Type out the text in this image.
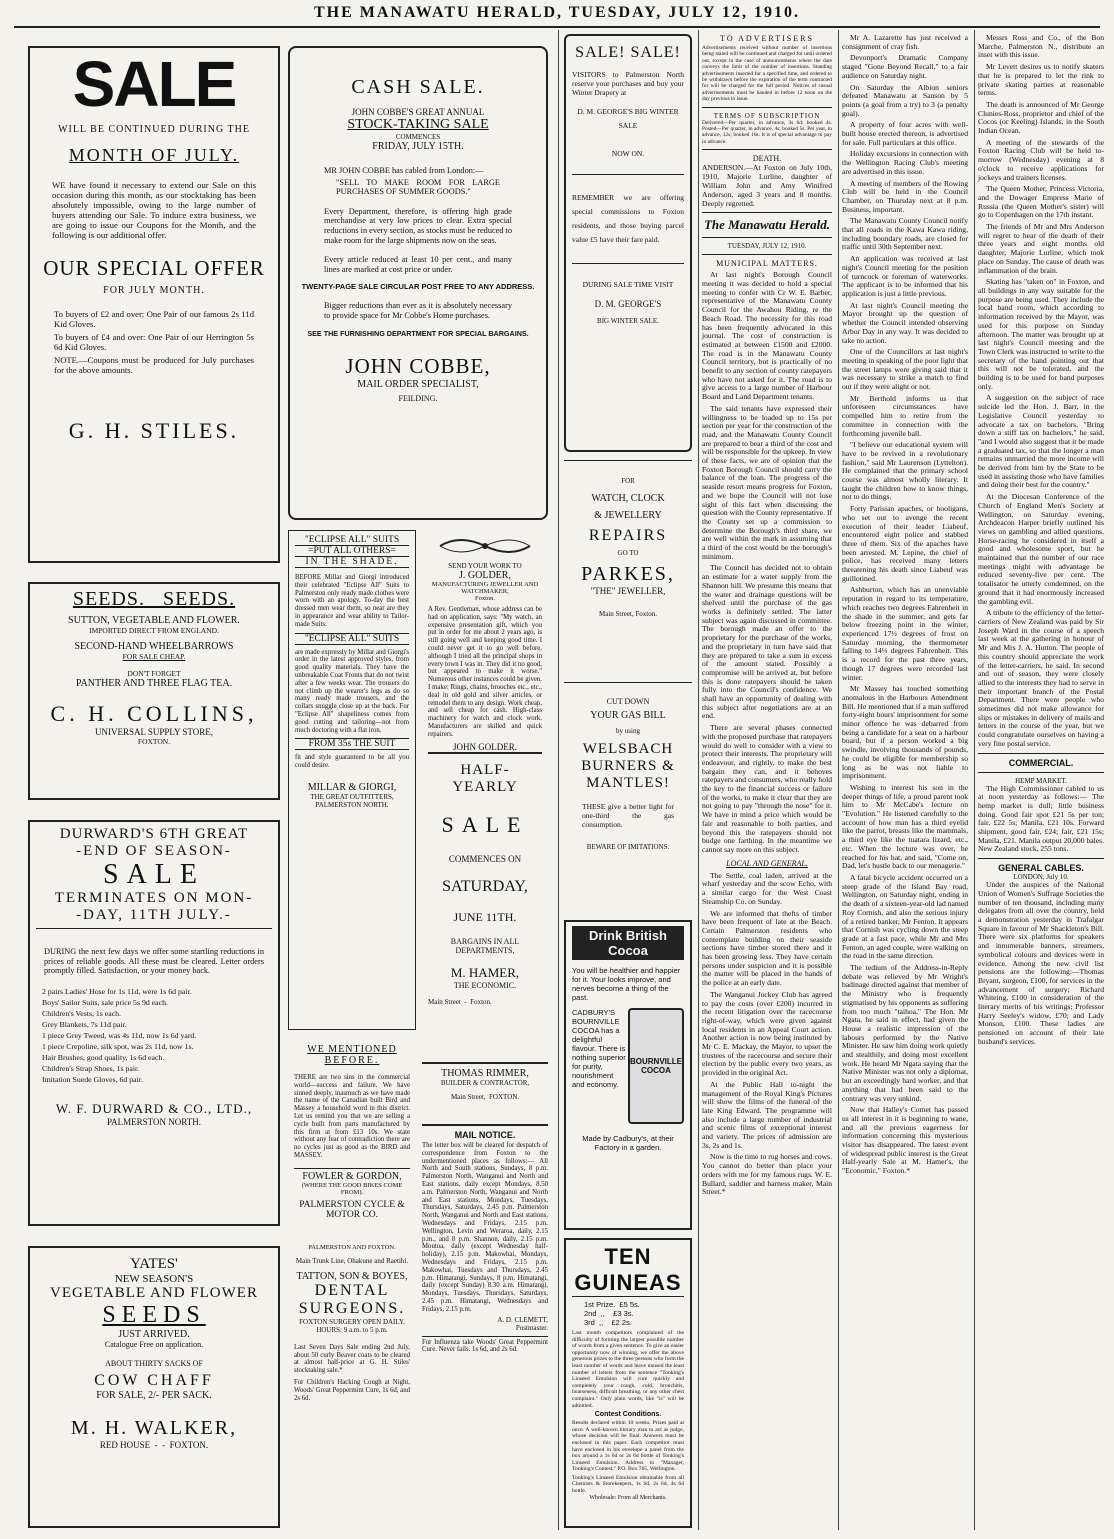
THE MANAWATU HERALD, TUESDAY, JULY 12, 1910.
SALE
WILL BE CONTINUED DURING THE
MONTH OF JULY.
WE have found it necessary to extend our Sale on this occasion during this month, as our stocktaking has been absolutely impossible, owing to the large number of buyers attending our Sale. To induce extra business, we are going to issue our Coupons for the Month, and the following is our additional offer.
OUR SPECIAL OFFER
FOR JULY MONTH.
To buyers of £2 and over: One Pair of our famous 2s 11d Kid Gloves.
To buyers of £4 and over: One Pair of our Herrington 5s 6d Kid Gloves.
NOTE.—Coupons must be produced for July purchases for the above amounts.
G. H. STILES.
SEEDS.   SEEDS.
SUTTON, VEGETABLE AND FLOWER.
IMPORTED DIRECT FROM ENGLAND.
SECOND-HAND WHEELBARROWS
FOR SALE CHEAP.
DON'T FORGET
PANTHER AND THREE FLAG TEA.
C. H. COLLINS,
UNIVERSAL SUPPLY STORE,
FOXTON.
DURWARD'S 6TH GREAT
-END OF SEASON-
SALE
TERMINATES ON MON-
-DAY, 11TH JULY.-
DURING the next few days we offer some startling reductions in prices of reliable goods. All these must be cleared. Letter orders promptly filled. Satisfaction, or your money back.
2 pairs Ladies' Hose for 1s 11d, were 1s 6d pair.
Boys' Sailor Suits, sale price 5s 9d each.
Children's Vests, 1s each.
Grey Blankets, 7s 11d pair.
1 piece Grey Tweed, was 4s 11d, now 1s 6d yard.
1 piece Crepoline, silk spot, was 2s 11d, now 1s.
Hair Brushes, good quality, 1s 6d each.
Children's Strap Shoes, 1s pair.
Imitation Suede Gloves, 6d pair.
W. F. DURWARD & CO., LTD.,
PALMERSTON NORTH.
YATES'
NEW SEASON'S
VEGETABLE AND FLOWER
SEEDS
JUST ARRIVED.
Catalogue Free on application.
ABOUT THIRTY SACKS OF
COW CHAFF
FOR SALE, 2/- PER SACK.
M. H. WALKER,
RED HOUSE  -  -  FOXTON.
CASH SALE.
JOHN COBBE'S GREAT ANNUAL
STOCK-TAKING SALE
COMMENCES
FRIDAY, JULY 15TH.
MR JOHN COBBE has cabled from London:—
"SELL TO MAKE ROOM FOR LARGE PURCHASES OF SUMMER GOODS."
Every Department, therefore, is offering high grade merchandise at very low prices to clear. Extra special reductions in every section, as stocks must be reduced to make room for the large shipments now on the seas.
Every article reduced at least 10 per cent., and many lines are marked at cost price or under.
TWENTY-PAGE SALE CIRCULAR POST FREE TO ANY ADDRESS.
Bigger reductions than ever as it is absolutely necessary to provide space for Mr Cobbe's Home purchases.
SEE THE FURNISHING DEPARTMENT FOR SPECIAL BARGAINS.
JOHN COBBE,
MAIL ORDER SPECIALIST,
FEILDING.
"ECLIPSE ALL" SUITS
=PUT ALL OTHERS=
IN THE SHADE.
BEFORE Millar and Giorgi introduced their celebrated "Eclipse All" Suits to Palmerston only ready made clothes were worn with an apology. To-day the best dressed men wear them, so near are they in appearance and wear ability to Tailor-made Suits.
"ECLIPSE ALL" SUITS
are made expressly by Millar and Giorgi's order in the latest approved styles, from good quality materials. They have the unbreakable Coat Fronts that do not twist after a few weeks wear. The trousers do not climb up the wearer's legs as do so many ready made trousers, and the collars snuggle close up at the back. For "Eclipse All" shapeliness comes from good cutting and tailoring—not from much doctoring with a flat iron.
FROM 35s THE SUIT
fit and style guaranteed to be all you could desire.
MILLAR & GIORGI,
THE GREAT OUTFITTERS,
PALMERSTON NORTH.
WE MENTIONED
BEFORE.
THERE are two sins in the commercial world—success and failure. We have sinned deeply, inasmuch as we have made the name of the Canadian built Bird and Massey a household word in this district. Let us remind you that we are selling a cycle built from parts manufactured by this firm at from £13 10s. We state without any fear of contradiction there are no cycles just as good as the BIRD and MASSEY.
FOWLER & GORDON,
(WHERE THE GOOD BIKES COME FROM).
PALMERSTON CYCLE & MOTOR CO.
PALMERSTON AND FOXTON.
Main Trunk Line, Ohakune and Raetihi.
TATTON, SON & BOYES,
DENTAL
SURGEONS.
FOXTON SURGERY OPEN DAILY.
HOURS: 9 a.m. to 5 p.m.
Last Seven Days Sale ending 2nd July, about 50 curly Beaver coats to be cleared at almost half-price at G. H. Stiles' stocktaking sale.*
For Children's Hacking Cough at Night, Woods' Great Peppermint Cure, 1s 6d, and 2s 6d.
SEND YOUR WORK TO
J. GOLDER,
MANUFACTURING JEWELLER AND WATCHMAKER,
Foxton.
A Rev. Gentleman, whose address can be had on application, says: "My watch, an expensive presentation gift, which you put in order for me about 2 years ago, is still going well and keeping good time. I could never get it to go well before, although I tried all the principal shops in every town I was in. They did it no good, but appeared to make it worse." Numerous other instances could be given. I make: Rings, chains, brooches etc., etc., deal in old gold and silver articles, or remodel them to any design. Work cheap, and sell cheap for cash. High-class machinery for watch and clock work. Manufacturers are skilled and quick repairers.
JOHN GOLDER.
HALF-YEARLY
SALE
COMMENCES ON
SATURDAY,
JUNE 11TH.
BARGAINS IN ALL DEPARTMENTS,
M. HAMER,
THE ECONOMIC.
Main Street  -  Foxton.
THOMAS RIMMER,
BUILDER & CONTRACTOR,
Main Street,  FOXTON.
MAIL NOTICE.
The letter box will be cleared for despatch of correspondence from Foxton to the undermentioned places as follows:— All North and South stations, Sundays, 8 p.m. Palmerston North, Wanganui and North and East stations, daily except Mondays, 8.50 a.m. Palmerston North, Wanganui and North and East stations, Mondays, Tuesdays, Thursdays, Saturdays, 2.45 p.m. Palmerston North, Wanganui and North and East stations, Wednesdays and Fridays, 2.15 p.m. Wellington, Levin and Weraroa, daily, 2.15 p.m., and 8 p.m. Shannon, daily, 2.15 p.m. Moutoa, daily (except Wednesday half-holiday), 2.15 p.m. Makowhai, Mondays, Wednesdays and Fridays, 2.15 p.m. Makowhai, Tuesdays and Thursdays, 2.45 p.m. Himatangi, Sundays, 8 p.m. Himatangi, daily (except Sunday) 8.30 a.m. Himatangi, Mondays, Tuesdays, Thursdays, Saturdays, 2.45 p.m. Himatangi, Wednesdays and Fridays, 2.15 p.m.
A. D. CLEMETT,
Postmaster.
For Influenza take Woods' Great Peppermint Cure. Never fails. 1s 6d, and 2s 6d.
SALE! SALE!
VISITORS to Palmerston North reserve your purchases and buy your Winter Drapery at
D. M. GEORGE'S BIG WINTER SALE
NOW ON.
REMEMBER we are offering special commissions to Foxton residents, and those buying parcel value £5 have their fare paid.
DURING SALE TIME VISIT
D. M. GEORGE'S
BIG WINTER SALE.
FOR
WATCH, CLOCK
& JEWELLERY
REPAIRS
GO TO
PARKES,
"THE" JEWELLER,
Main Street, Foxton.
CUT DOWN
YOUR GAS BILL
by using
WELSBACH
BURNERS &
MANTLES!
THESE give a better light for one-third the gas consumption.
BEWARE OF IMITATIONS.
Drink British Cocoa
You will be healthier and happier for it. Your looks improve, and nerves become a thing of the past.
CADBURY'S BOURNVILLE COCOA has a delightful flavour. There is nothing superior for purity, nourishment and economy.
BOURNVILLE COCOA
Made by Cadbury's, at their Factory in a garden.
TEN GUINEAS
1st Prize.  £5 5s.
2nd  ,,    £3 3s.
3rd  ,,    £2 2s.
Last month competitors complained of the difficulty of forming the largest possible number of words from a given sentence. To give an easier opportunity now of winning, we offer the above generous prizes to the three persons who form the least number of words and leave unused the least number of letters from the sentence "Tonking's Linseed Emulsion will cure quickly and completely your cough, cold, bronchitis, hoarseness, difficult breathing, or any other chest complaint." Only plain words, like "is" will be admitted.
Contest Conditions.
Results declared within 10 weeks. Prizes paid at once. A well-known literary man to act as judge, whose decision will be final. Answers must be enclosed in this paper. Each competitor must have enclosed in his envelope a panel from the box around a 1s 6d or 2s 6d bottle of Tonking's Linseed Emulsion. Address to "Manager, Tonking's Contest," P.O. Box 765, Wellington.
Tonking's Linseed Emulsion obtainable from all Chemists & Storekeepers, 1s 6d, 2s 6d, 4s 6d bottle.
Wholesale: From all Merchants.
TO ADVERTISERS
Advertisements received without number of insertions being stated will be continued and charged for until ordered out, except in the case of announcements where the date conveys the limit of the number of insertions. Standing advertisements inserted for a specified time, and ordered to be withdrawn before the expiration of the term contracted for will be charged for the full period. Notices of casual advertisements must be handed in before 12 noon on the day previous to issue.
TERMS OF SUBSCRIPTION
Delivered—Per quarter, in advance, 3s 6d; booked 4s. Posted—Per quarter, in advance, 4s; booked 5s. Per year, in advance, 12s; booked 16s. It is of special advantage to pay in advance.
DEATH.
ANDERSON.—At Foxton on July 10th, 1910, Majorie Lurline, daughter of William John and Amy Winifred Anderson, aged 3 years and 8 months. Deeply regretted.
The Manawatu Herald.
TUESDAY, JULY 12, 1910.
MUNICIPAL MATTERS.
At last night's Borough Council meeting it was decided to hold a special meeting to confer with Cr W. E. Barber, representative of the Manawatu County Council for the Awahou Riding, re the Beach Road. The necessity for this road has been frequently advocated in this journal. The cost of construction is estimated at between £1500 and £2000. The road is in the Manawatu County Council territory, but is practically of no benefit to any section of county ratepayers who have not asked for it. The road is to give access to a large number of Harbour Board and Land Department tenants.
The said tenants have expressed their willingness to be loaded up to 15s per section per year for the construction of the road, and the Manawatu County Council are prepared to bear a third of the cost and will be responsible for the upkeep. In view of these facts, we are of opinion that the Foxton Borough Council should carry the balance of the loan. The progress of the seaside resort means progress for Foxton, and we hope the Council will not lose sight of this fact when discussing the question with the County representative. If the County set up a commission to determine the Borough's third share, we are well within the mark in assuming that a third of the cost would be the borough's minimum.
The Council has decided not to obtain an estimate for a water supply from the Shannon hill. We presume this means that the water and drainage questions will be shelved until the purchase of the gas works is definitely settled. The latter subject was again discussed in committee. The borough made an offer to the proprietary for the purchase of the works, and the proprietary in turn have said that they are prepared to take a sum in excess of the amount stated. Possibly a compromise will be arrived at, but before this is done ratepayers should be taken fully into the Council's confidence. We shall have an opportunity of dealing with this subject after negotiations are at an end.
There are several phases connected with the proposed purchase that ratepayers would do well to consider with a view to protect their interests. The proprietary will endeavour, and rightly, to make the best bargain they can, and it behoves ratepayers and consumers, who really hold the key to the financial success or failure of the works, to make it clear that they are not going to pay "through the nose" for it. We have in mind a price which would be fair and reasonable to both parties, and beyond this the ratepayers should not budge one farthing. In the meantime we cannot say more on this subject.
LOCAL AND GENERAL.
The Settle, coal laden, arrived at the wharf yesterday and the scow Echo, with a similar cargo for the West Coast Steamship Co. on Sunday.
We are informed that thefts of timber have been frequent of late at the Beach. Certain Palmerston residents who contemplate building on their seaside sections have timber stored there and it has been growing less. They have certain persons under suspicion and it is possible the matter will be placed in the hands of the police at an early date.
The Wanganui Jockey Club has agreed to pay the costs (over £200) incurred in the recent litigation over the racecourse right-of-way, which were given against local residents in an Appeal Court action. Another action is now being instituted by Mr C. E. Mackay, the Mayor, to upset the trustees of the racecourse and secure their election by the public every two years, as provided in the original Act.
At the Public Hall to-night the management of the Royal King's Pictures will show the films of the funeral of the late King Edward. The programme will also include a large number of industrial and scenic films of exceptional interest and variety. The prices of admission are 3s, 2s and 1s.
Now is the time to rug horses and cows. You cannot do better than place your orders with me for my famous rugs. W. E. Bullard, saddler and harness maker, Main Street.*
Mr A. Lazarette has just received a consignment of cray fish.
Devonport's Dramatic Company staged "Gone Beyond Recall," to a fair audience on Saturday night.
On Saturday the Albion seniors defeated Manawatu at Sanson by 5 points (a goal from a try) to 3 (a penalty goal).
A property of four acres with well-built house erected thereon, is advertised for sale. Full particulars at this office.
Holiday excursions in connection with the Wellington Racing Club's meeting are advertised in this issue.
A meeting of members of the Rowing Club will be held in the Council Chamber, on Thursday next at 8 p.m. Business, important.
The Manawatu County Council notify that all roads in the Kawa Kawa riding, including boundary roads, are closed for traffic until 30th September next.
An application was received at last night's Council meeting for the position of turncock or foreman of waterworks. The applicant is to be informed that his application is just a little previous.
At last night's Council meeting the Mayor brought up the question of whether the Council intended observing Arbor Day in any way. It was decided to take no action.
One of the Councillors at last night's meeting in speaking of the poor light that the street lamps were giving said that it was necessary to strike a match to find out if they were alight or not.
Mr Berthold informs us that unforeseen circumstances have compelled him to retire from the committee in connection with the forthcoming juvenile ball.
"I believe our educational system will have to be revived in a revolutionary fashion," said Mr Laurenson (Lyttelton). He complained that the primary school course was almost wholly literary. It taught the children how to know things, not to do things.
Forty Parisian apaches, or hooligans, who set out to avenge the recent execution of their leader Liabeuf, encountered eight police and stabbed three of them. Six of the apaches have been arrested. M. Lepine, the chief of police, has received many letters threatening his death since Liabeuf was guillotined.
Ashburton, which has an unenviable reputation in regard to its temperature, which reaches two degrees Fahrenheit in the shade in the summer, and gets far below freezing point in the winter, experienced 17½ degrees of frost on Saturday morning, the thermometer falling to 14⅓ degrees Fahrenheit. This is a record for the past three years, though 17 degrees were recorded last winter.
Mr Massey has touched something anomalous in the Harbours Amendment Bill. He mentioned that if a man suffered forty-eight hours' imprisonment for some minor offence he was debarred from being a candidate for a seat on a harbour board, but if a person worked a big swindle, involving thousands of pounds, he could be eligible for membership so long as he was not liable to imprisonment.
Wishing to interest his son in the deeper things of life, a proud parent took him to Mr McCabe's lecture on "Evolution." He listened carefully to the account of how man has a third eyelid like the parrot, breasts like the mammals, a third eye like the tuatara lizard, etc., etc. When the lecture was over, he reached for his hat, and said, "Come on, Dad, let's hustle back to our menagerie."
A fatal bicycle accident occurred on a steep grade of the Island Bay road, Wellington, on Saturday night, ending in the death of a sixteen-year-old lad named Roy Cornish, and also the serious injury of a retired banker, Mr Fenton. It appears that Cornish was cycling down the steep grade at a fast pace, while Mr and Mrs Fenton, an aged couple, were walking on the road in the same direction.
The tedium of the Address-in-Reply debate was relieved by Mr Wright's badinage directed against that member of the Ministry who is frequently stigmatised by his opponents as suffering from too much "taihoa." The Hon. Mr Ngata, he said in effect, had given the House a realistic impression of the labours performed by the Native Minister. He saw him doing work quietly and stealthily, and doing most excellent work. He heard Mr Ngata saying that the Native Minister was not only a diplomat, but an exceedingly hard worker, and that anything that had been said to the contrary was very unkind.
Now that Halley's Comet has passed us all interest in it is beginning to wane, and all the previous eagerness for information concerning this mysterious visitor has disappeared. The latest event of widespread public interest is the Great Half-yearly Sale at M. Hamer's, the "Economic," Foxton.*
Messrs Ross and Co., of the Bon Marche, Palmerston N., distribute an inset with this issue.
Mr Levett desires us to notify skaters that he is prepared to let the rink to private skating parties at reasonable terms.
The death is announced of Mr George Clunies-Ross, proprietor and chief of the Cocos (or Keeling) Islands, in the South Indian Ocean.
A meeting of the stewards of the Foxton Racing Club will be held to-morrow (Wednesday) evening at 8 o'clock to receive applications for jockeys and trainers licenses.
The Queen Mother, Princess Victoria, and the Dowager Empress Marie of Russia (the Queen Mother's sister) will go to Copenhagen on the 17th instant.
The friends of Mr and Mrs Anderson will regret to hear of the death of their three years and eight months old daughter, Majorie Lurline, which took place on Sunday. The cause of death was inflammation of the brain.
Skating has "taken on" in Foxton, and all buildings in any way suitable for the purpose are being used. They include the local band room, which according to information received by the Mayor, was used for this purpose on Sunday afternoon. The matter was brought up at last night's Council meeting and the Town Clerk was instructed to write to the secretary of the band pointing out that this will not be tolerated, and the building is to be used for band purposes only.
A suggestion on the subject of race suicide led the Hon. J. Barr, in the Legislative Council yesterday to advocate a tax on bachelors. "Bring down a stiff tax on bachelors," he said, "and I would also suggest that it be made a graduated tax, so that the longer a man remains unmarried the more income will be derived from him by the State to be used in assisting those who have families and doing their best for the country."
At the Diocesan Conference of the Church of England Men's Society at Wellington, on Saturday evening, Archdeacon Harper briefly outlined his views on gambling and allied questions. Horse-racing he considered in itself a good and wholesome sport, but he maintained that the number of our race meetings might with advantage be reduced seventy-five per cent. The totalisator he utterly condemned, on the ground that it had enormously increased the gambling evil.
A tribute to the efficiency of the letter-carriers of New Zealand was paid by Sir Joseph Ward in the course of a speech last week at the gathering in honour of Mr and Mrs J. A. Hutton. The people of this country should appreciate the work of the letter-carriers, he said. In second and out of season, they were closely allied to the interests they had to serve in their important branch of the Postal Department. There were people who sometimes did not make allowance for slips or mistakes in delivery of mails and letters in the course of the year, but we could congratulate ourselves on having a very fine postal service.
COMMERCIAL.
HEMP MARKET.
The High Commissioner cabled to us at noon yesterday as follows:— The hemp market is dull; little business doing. Good fair spot £21 5s per ton; fair, £22 5s; Manila, £21 10s. Forward shipment, good fair, £24; fair, £21 15s; Manila, £21. Manila output 20,000 bales. New Zealand stock, 255 tons.
GENERAL CABLES.
LONDON, July 10.
Under the auspices of the National Union of Women's Suffrage Societies the number of ten thousand, including many delegates from all over the country, held a demonstration yesterday in Trafalgar Square in favour of Mr Shackleton's Bill. There were six platforms for speakers and innumerable banners, streamers, symbolical colours and devices were in evidence. Among the new civil list pensions are the following:—Thomas Bryant, surgeon, £100, for services in the advancement of surgery; Richard Whiteing, £100 in consideration of the literary merits of his writings; Professor Harry Seeley's widow, £70; and Lady Monson, £100. These ladies are pensioned on account of their late husband's services.
